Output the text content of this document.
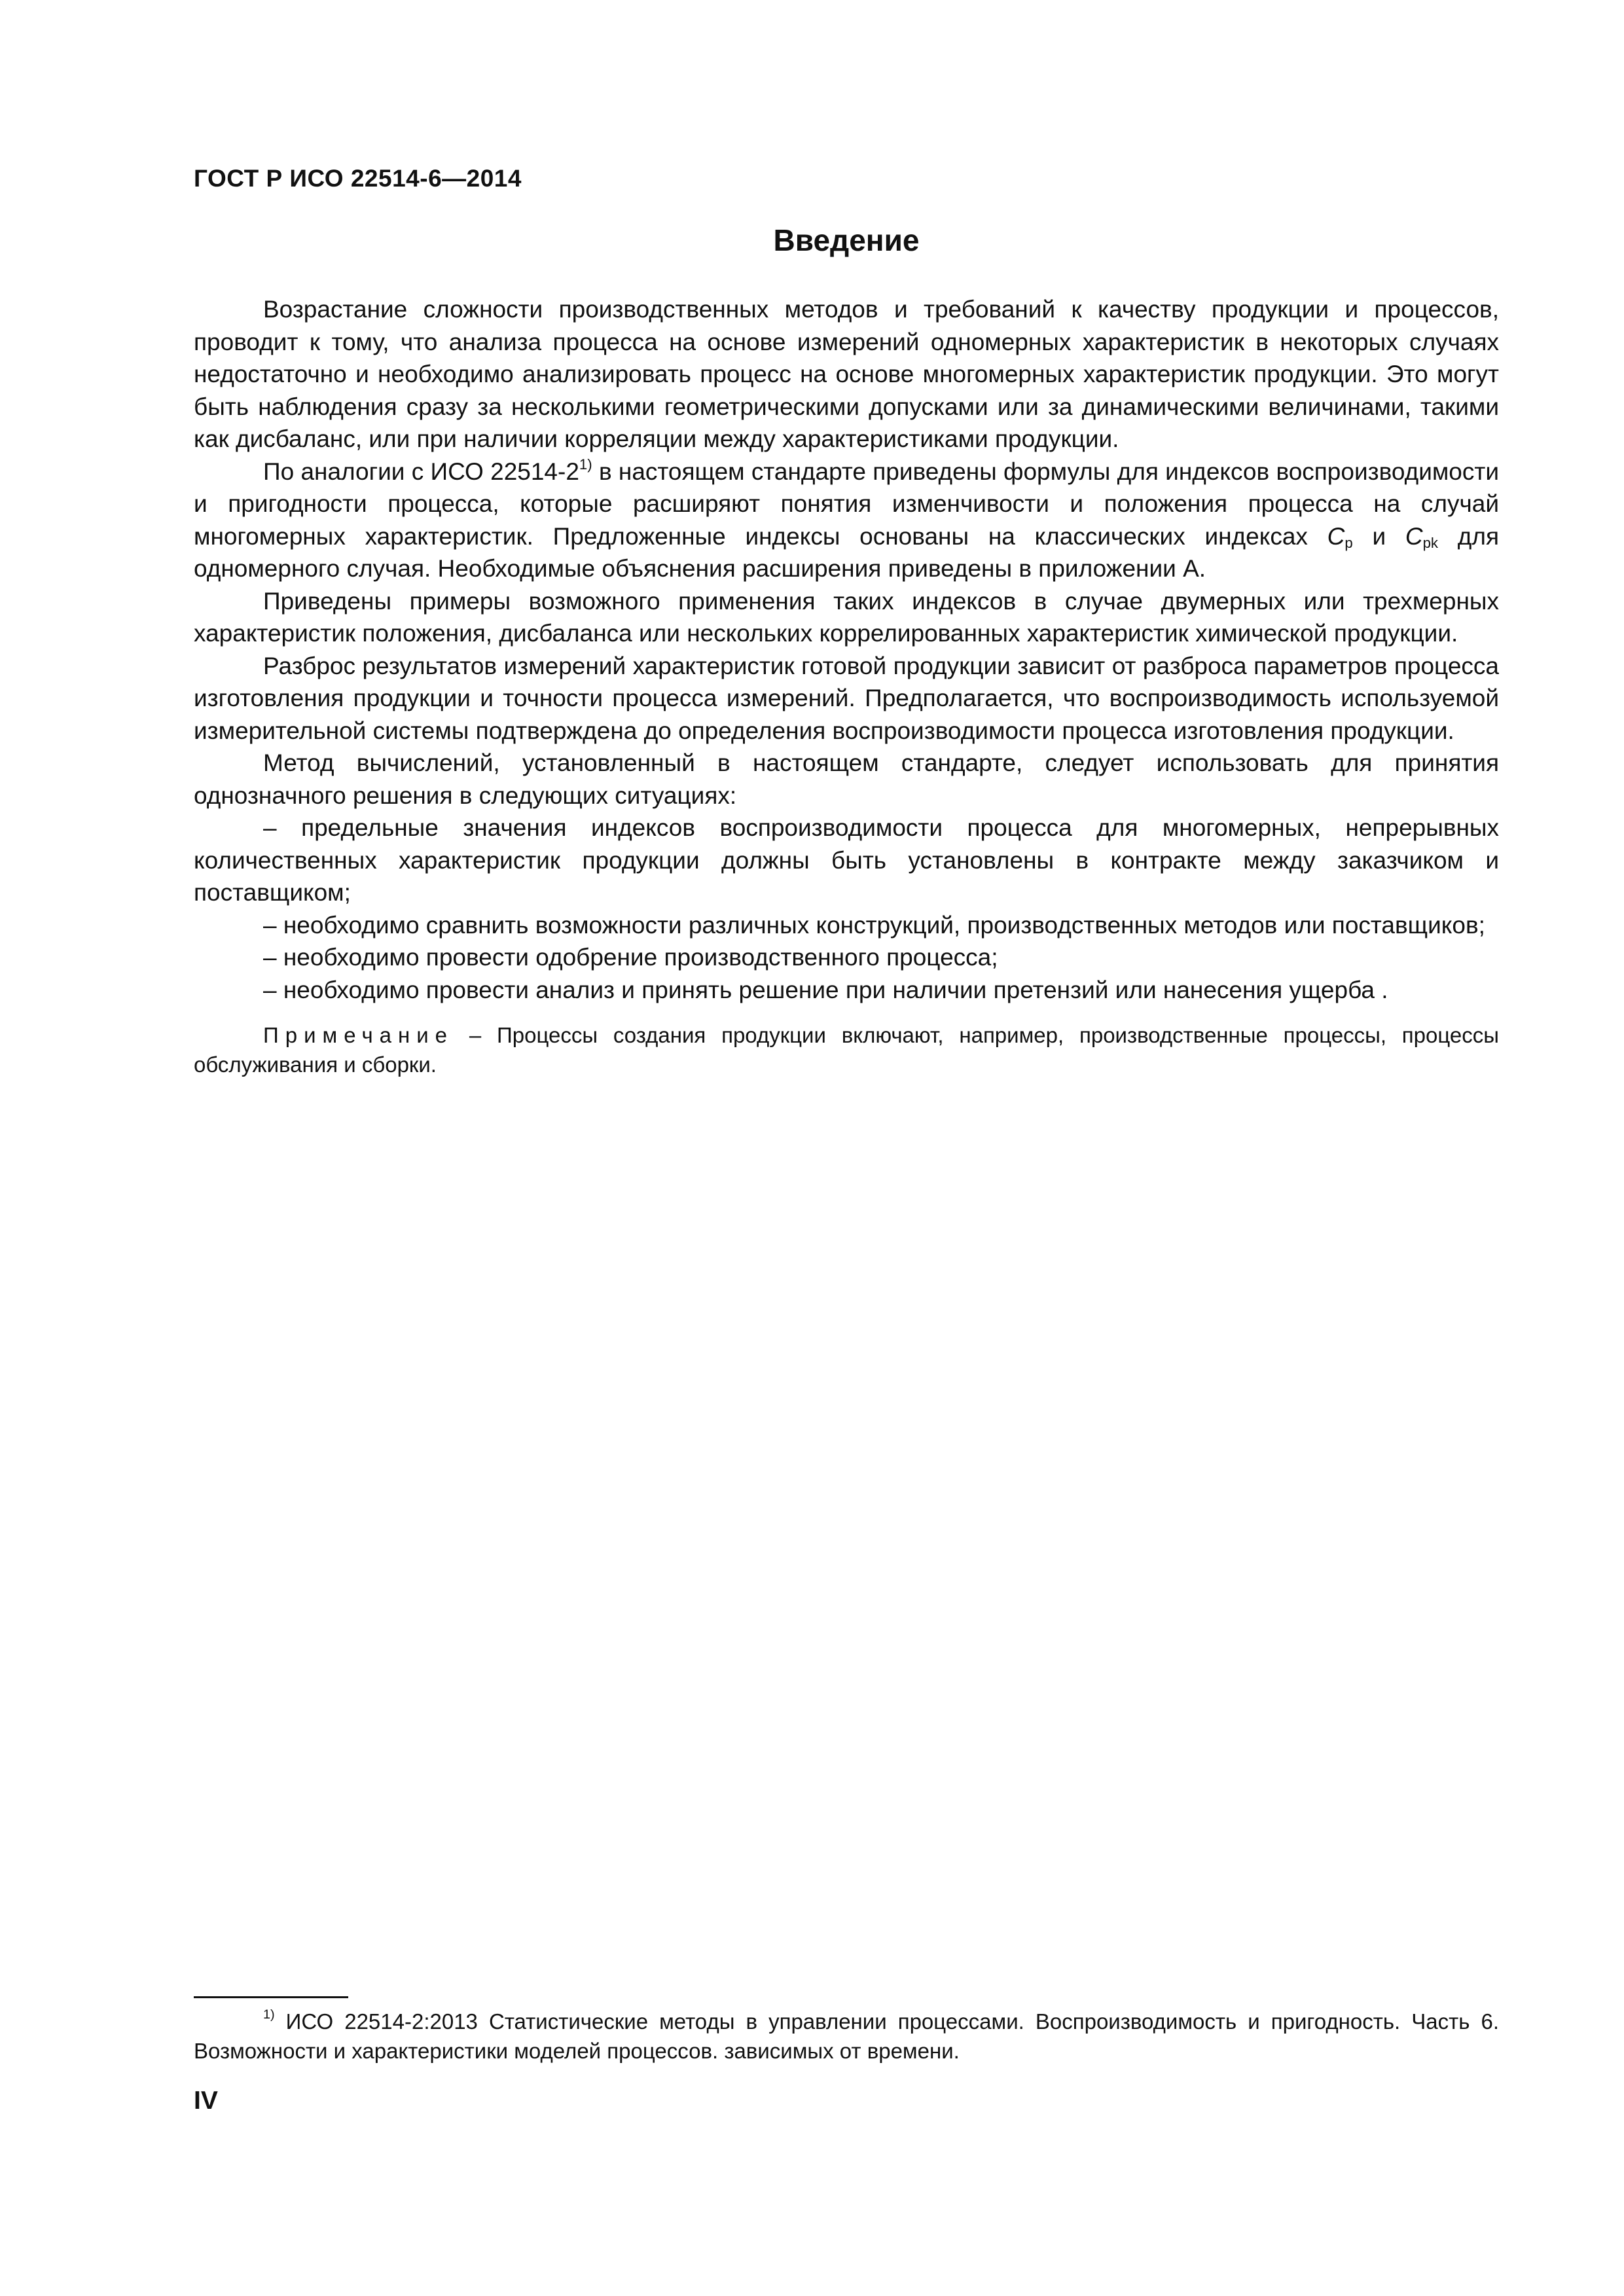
ГОСТ Р ИСО 22514-6—2014
Введение

Возрастание сложности производственных методов и требований к качеству продукции и процессов, проводит к тому, что анализа процесса на основе измерений одномерных характеристик в некоторых случаях недостаточно и необходимо анализировать процесс на основе многомерных характеристик продукции. Это могут быть наблюдения сразу за несколькими геометрическими допусками или за динамическими величинами, такими как дисбаланс, или при наличии корреляции между характеристиками продукции.

По аналогии с ИСО 22514-2$^{1)}$ в настоящем стандарте приведены формулы для индексов воспроизводимости и пригодности процесса, которые расширяют понятия изменчивости и положения процесса на случай многомерных характеристик. Предложенные индексы основаны на классических индексах $C_p$ и $C_{pk}$ для одномерного случая. Необходимые объяснения расширения приведены в приложении А.

Приведены примеры возможного применения таких индексов в случае двумерных или трехмерных характеристик положения, дисбаланса или нескольких коррелированных характеристик химической продукции.

Разброс результатов измерений характеристик готовой продукции зависит от разброса параметров процесса изготовления продукции и точности процесса измерений. Предполагается, что воспроизводимость используемой измерительной системы подтверждена до определения воспроизводимости процесса изготовления продукции.

Метод вычислений, установленный в настоящем стандарте, следует использовать для принятия однозначного решения в следующих ситуациях:

– предельные значения индексов воспроизводимости процесса для многомерных, непрерывных количественных характеристик продукции должны быть установлены в контракте между заказчиком и поставщиком;

– необходимо сравнить возможности различных конструкций, производственных методов или поставщиков;

– необходимо провести одобрение производственного процесса;

– необходимо провести анализ и принять решение при наличии претензий или нанесения ущерба .

Примечание – Процессы создания продукции включают, например, производственные процессы, процессы обслуживания и сборки.

$^{1)}$ ИСО 22514-2:2013 Статистические методы в управлении процессами. Воспроизводимость и пригодность. Часть 6. Возможности и характеристики моделей процессов. зависимых от времени.

IV
